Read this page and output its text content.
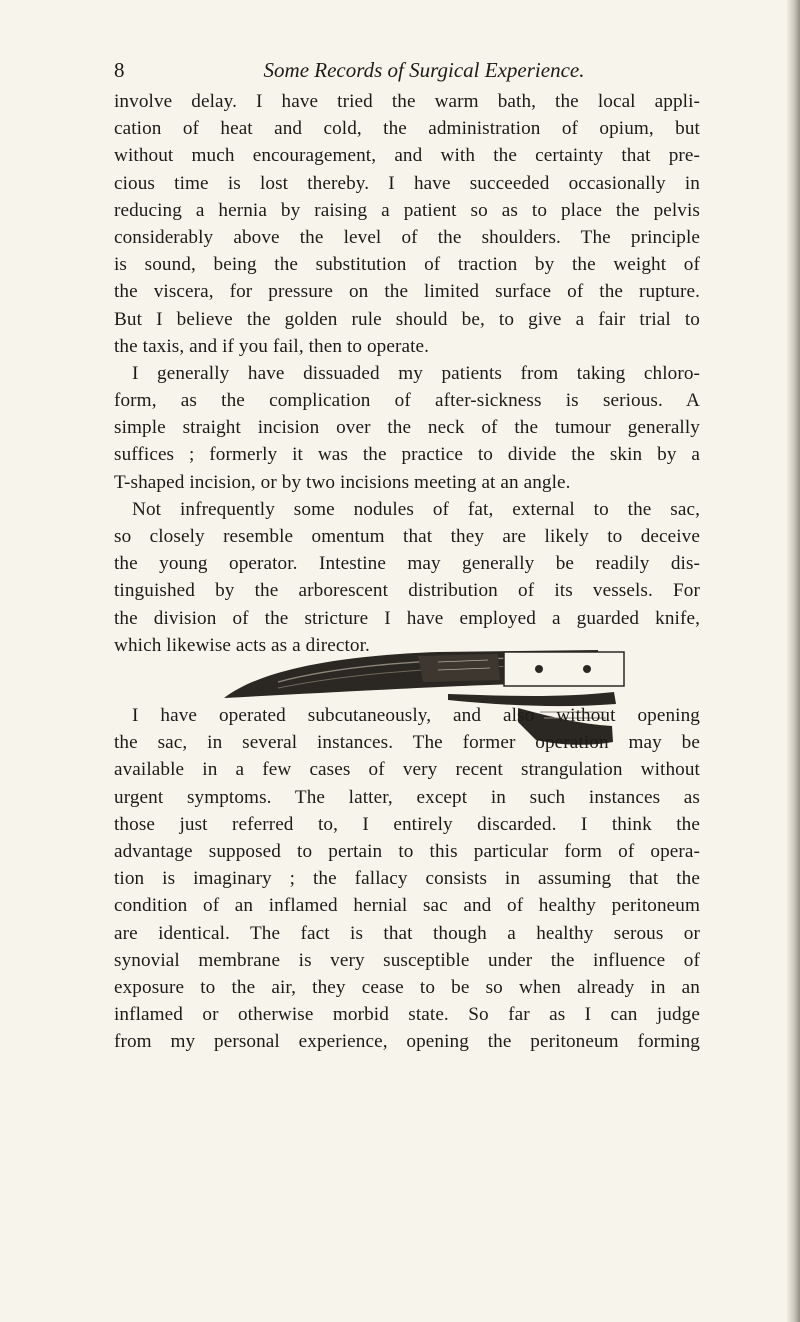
8	Some Records of Surgical Experience.
involve delay. I have tried the warm bath, the local appli-
cation of heat and cold, the administration of opium, but
without much encouragement, and with the certainty that pre-
cious time is lost thereby. I have succeeded occasionally in
reducing a hernia by raising a patient so as to place the pelvis
considerably above the level of the shoulders. The principle
is sound, being the substitution of traction by the weight of
the viscera, for pressure on the limited surface of the rupture.
But I believe the golden rule should be, to give a fair trial to
the taxis, and if you fail, then to operate.
I generally have dissuaded my patients from taking chloro-
form, as the complication of after-sickness is serious. A
simple straight incision over the neck of the tumour generally
suffices ; formerly it was the practice to divide the skin by a
T-shaped incision, or by two incisions meeting at an angle.
Not infrequently some nodules of fat, external to the sac,
so closely resemble omentum that they are likely to deceive
the young operator. Intestine may generally be readily dis-
tinguished by the arborescent distribution of its vessels. For
the division of the stricture I have employed a guarded knife,
which likewise acts as a director.
I have operated subcutaneously, and also without opening
the sac, in several instances. The former operation may be
available in a few cases of very recent strangulation without
urgent symptoms. The latter, except in such instances as
those just referred to, I entirely discarded. I think the
advantage supposed to pertain to this particular form of opera-
tion is imaginary ; the fallacy consists in assuming that the
condition of an inflamed hernial sac and of healthy peritoneum
are identical. The fact is that though a healthy serous or
synovial membrane is very susceptible under the influence of
exposure to the air, they cease to be so when already in an
inflamed or otherwise morbid state. So far as I can judge
from my personal experience, opening the peritoneum forming
